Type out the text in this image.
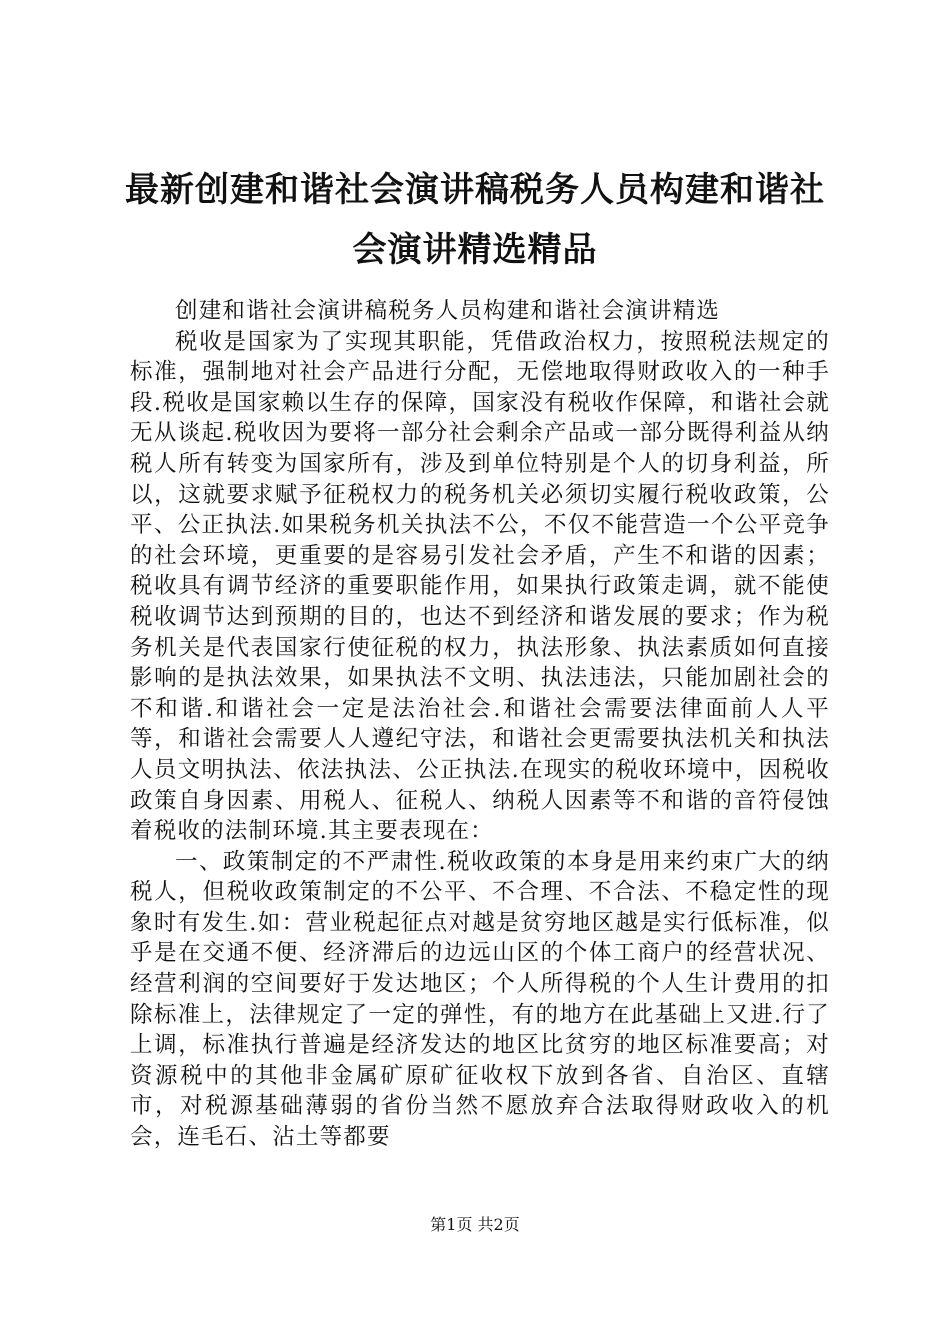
最新创建和谐社会演讲稿税务人员构建和谐社会演讲精选精品

创建和谐社会演讲稿税务人员构建和谐社会演讲精选

税收是国家为了实现其职能，凭借政治权力，按照税法规定的标准，强制地对社会产品进行分配，无偿地取得财政收入的一种手段.税收是国家赖以生存的保障，国家没有税收作保障，和谐社会就无从谈起.税收因为要将一部分社会剩余产品或一部分既得利益从纳税人所有转变为国家所有，涉及到单位特别是个人的切身利益，所以，这就要求赋予征税权力的税务机关必须切实履行税收政策，公平、公正执法.如果税务机关执法不公，不仅不能营造一个公平竞争的社会环境，更重要的是容易引发社会矛盾，产生不和谐的因素；税收具有调节经济的重要职能作用，如果执行政策走调，就不能使税收调节达到预期的目的，也达不到经济和谐发展的要求；作为税务机关是代表国家行使征税的权力，执法形象、执法素质如何直接影响的是执法效果，如果执法不文明、执法违法，只能加剧社会的不和谐.和谐社会一定是法治社会.和谐社会需要法律面前人人平等，和谐社会需要人人遵纪守法，和谐社会更需要执法机关和执法人员文明执法、依法执法、公正执法.在现实的税收环境中，因税收政策自身因素、用税人、征税人、纳税人因素等不和谐的音符侵蚀着税收的法制环境.其主要表现在：

一、政策制定的不严肃性.税收政策的本身是用来约束广大的纳税人，但税收政策制定的不公平、不合理、不合法、不稳定性的现象时有发生.如：营业税起征点对越是贫穷地区越是实行低标准，似乎是在交通不便、经济滞后的边远山区的个体工商户的经营状况、经营利润的空间要好于发达地区；个人所得税的个人生计费用的扣除标准上，法律规定了一定的弹性，有的地方在此基础上又进.行了上调，标准执行普遍是经济发达的地区比贫穷的地区标准要高；对资源税中的其他非金属矿原矿征收权下放到各省、自治区、直辖市，对税源基础薄弱的省份当然不愿放弃合法取得财政收入的机会，连毛石、沾土等都要

第1页 共2页
